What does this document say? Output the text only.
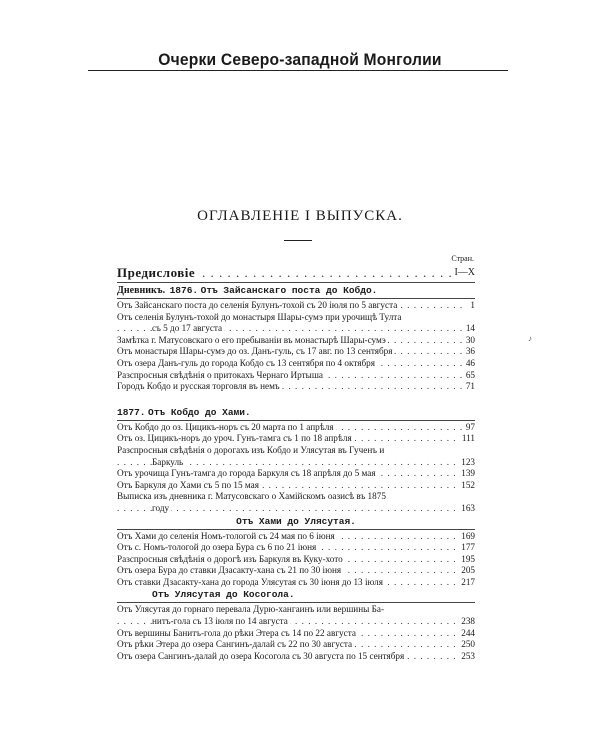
Очерки Северо-западной Монголии
ОГЛАВЛЕНІЕ I ВЫПУСКА.
Стран.
. . . Предисловіе	I—X
Дневникъ. 1876. Отъ Зайсанскаго поста до Кобдо.
. . . Отъ Зайсанскаго поста до селенія Булунъ-тохой съ 20 іюля по 5 августа	1
Отъ селенія Булунъ-тохой до монастыря Шары-сумэ при урочищѣ Тулта
. . . съ 5 до 17 августа	14
. . . Замѣтка г. Матусовскаго о его пребываніи въ монастырѣ Шары-сумэ	30
. . . Отъ монастыря Шары-сумэ до оз. Данъ-гуль, съ 17 авг. по 13 сентября	36
. . . Отъ озера Данъ-гуль до города Кобдо съ 13 сентября по 4 октября	46
. . . Разспросныя свѣдѣнія о притокахъ Чернаго Иртыша	65
. . . Городъ Кобдо и русская торговля въ немъ	71
1877. Отъ Кобдо до Хами.
. . . Отъ Кобдо до оз. Цицикъ-норъ съ 20 марта по 1 апрѣля	97
. . . Отъ оз. Цицикъ-норъ до уроч. Гунъ-тамга съ 1 по 18 апрѣля	111
Разспросныя свѣдѣнія о дорогахъ изъ Кобдо и Улясутая въ Гученъ и
. . . Баркуль	123
. . . Отъ урочища Гунъ-тамга до города Баркуля съ 18 апрѣля до 5 мая	139
. . . Отъ Баркуля до Хами съ 5 по 15 мая	152
Выписка изъ дневника г. Матусовскаго о Хамійскомъ оазисѣ въ 1875
. . . году	163
Отъ Хами до Улясутая.
. . . Отъ Хами до селенія Номъ-тологой съ 24 мая по 6 іюня	169
. . . Отъ с. Номъ-тологой до озера Бура съ 6 по 21 іюня	177
. . . Разспросныя свѣдѣнія о дорогѣ изъ Баркуля въ Куку-хото	195
. . . Отъ озера Бура до ставки Дзасакту-хана съ 21 по 30 іюня	205
. . . Отъ ставки Дзасакту-хана до города Улясутая съ 30 іюня до 13 іюля	217
Отъ Улясутая до Косогола.
Отъ Улясутая до горнаго перевала Дурю-хангаинъ или вершины Ба-
. . . нитъ-гола съ 13 іюля по 14 августа	238
. . . Отъ вершины Банитъ-гола до рѣки Этера съ 14 по 22 августа	244
. . . Отъ рѣки Этера до озера Сангинъ-далай съ 22 по 30 августа	250
. . . Отъ озера Сангинъ-далай до озера Косогола съ 30 августа по 15 сентября	253
♪
